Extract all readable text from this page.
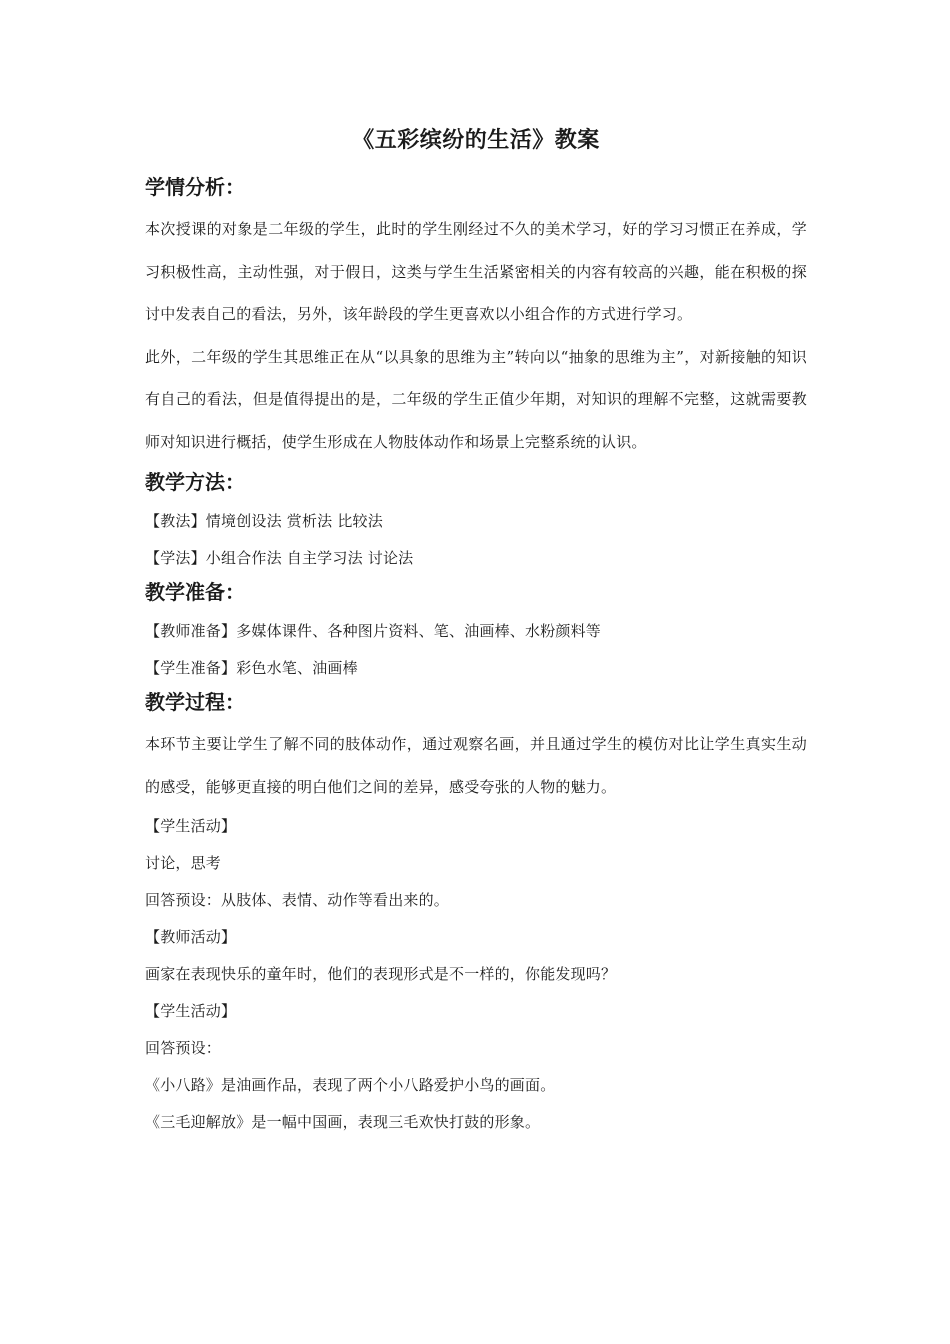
《五彩缤纷的生活》教案
学情分析：

本次授课的对象是二年级的学生，此时的学生刚经过不久的美术学习，好的学习习惯正在养成，学习积极性高，主动性强，对于假日，这类与学生生活紧密相关的内容有较高的兴趣，能在积极的探讨中发表自己的看法，另外，该年龄段的学生更喜欢以小组合作的方式进行学习。

此外，二年级的学生其思维正在从“以具象的思维为主”转向以“抽象的思维为主”，对新接触的知识有自己的看法，但是值得提出的是，二年级的学生正值少年期，对知识的理解不完整，这就需要教师对知识进行概括，使学生形成在人物肢体动作和场景上完整系统的认识。

教学方法：

【教法】情境创设法 赏析法 比较法

【学法】小组合作法 自主学习法 讨论法

教学准备：

【教师准备】多媒体课件、各种图片资料、笔、油画棒、水粉颜料等

【学生准备】彩色水笔、油画棒

教学过程：

本环节主要让学生了解不同的肢体动作，通过观察名画，并且通过学生的模仿对比让学生真实生动的感受，能够更直接的明白他们之间的差异，感受夸张的人物的魅力。

【学生活动】

讨论，思考

回答预设：从肢体、表情、动作等看出来的。

【教师活动】

画家在表现快乐的童年时，他们的表现形式是不一样的，你能发现吗？

【学生活动】

回答预设：

《小八路》是油画作品，表现了两个小八路爱护小鸟的画面。

《三毛迎解放》是一幅中国画，表现三毛欢快打鼓的形象。
